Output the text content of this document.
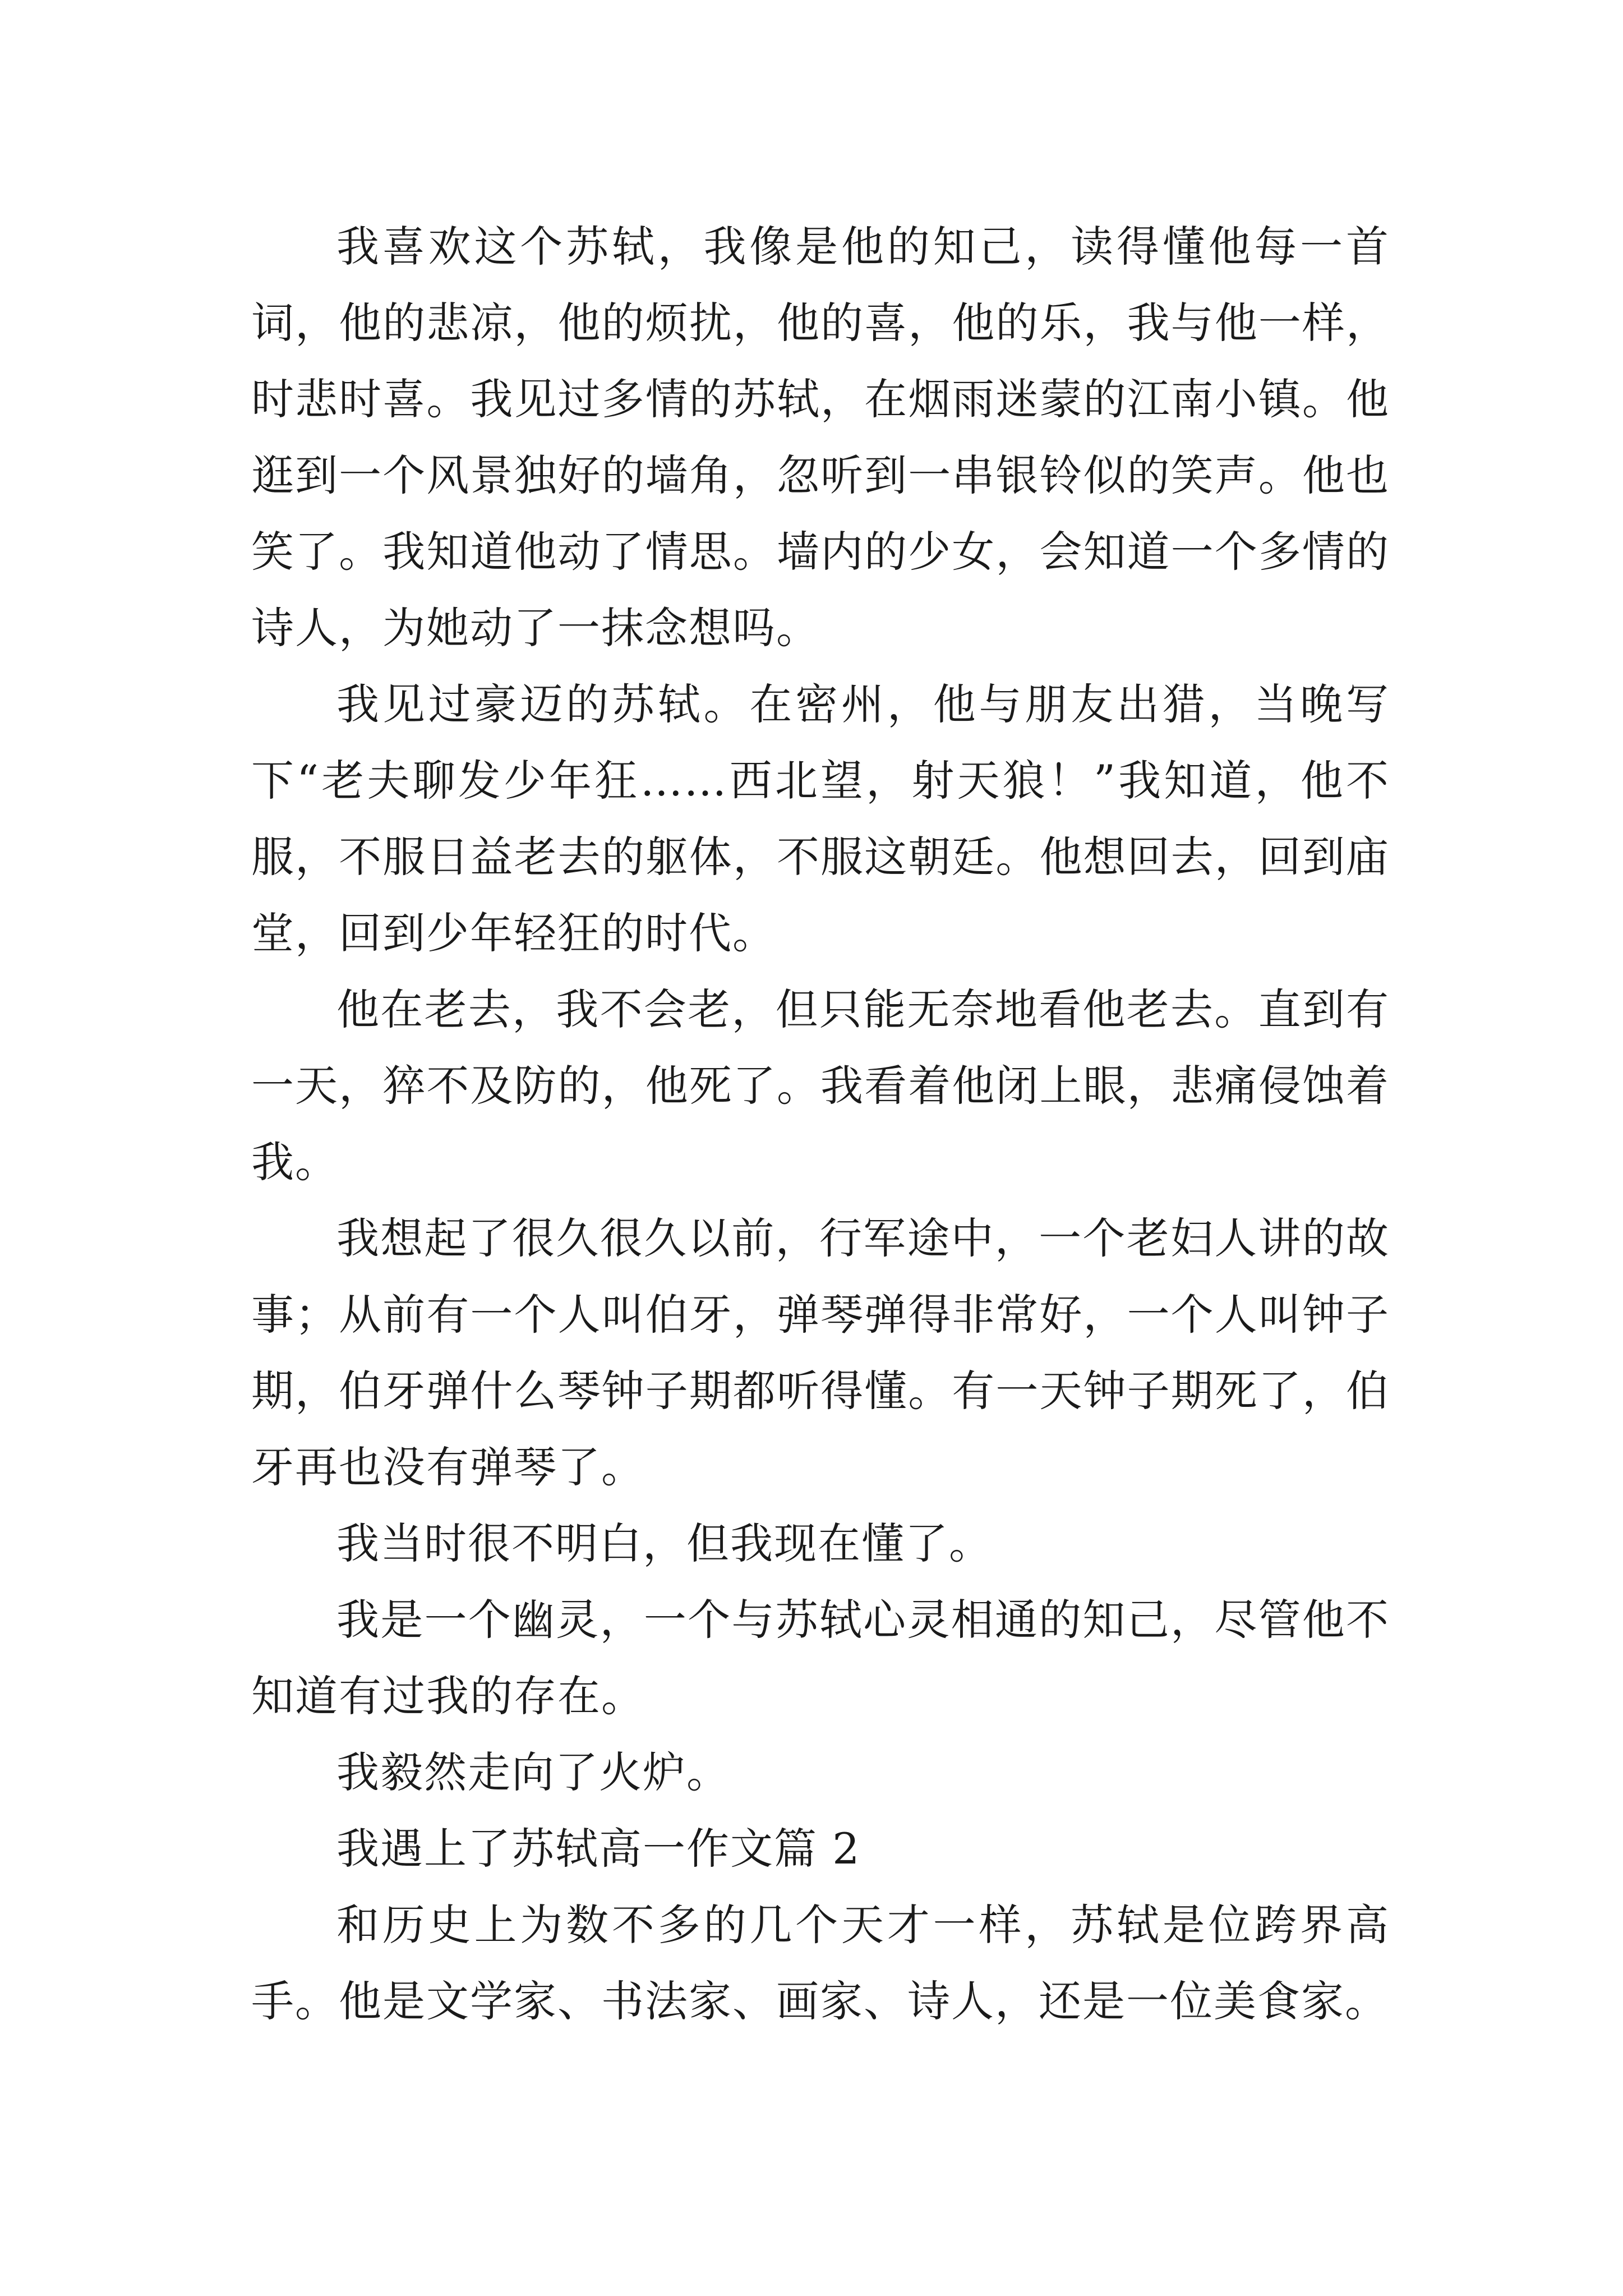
我喜欢这个苏轼，我像是他的知己，读得懂他每一首词，他的悲凉，他的烦扰，他的喜，他的乐，我与他一样，时悲时喜。我见过多情的苏轼，在烟雨迷蒙的江南小镇。他逛到一个风景独好的墙角，忽听到一串银铃似的笑声。他也笑了。我知道他动了情思。墙内的少女，会知道一个多情的诗人，为她动了一抹念想吗。

我见过豪迈的苏轼。在密州，他与朋友出猎，当晚写下“老夫聊发少年狂……西北望，射天狼！”我知道，他不服，不服日益老去的躯体，不服这朝廷。他想回去，回到庙堂，回到少年轻狂的时代。

他在老去，我不会老，但只能无奈地看他老去。直到有一天，猝不及防的，他死了。我看着他闭上眼，悲痛侵蚀着我。

我想起了很久很久以前，行军途中，一个老妇人讲的故事；从前有一个人叫伯牙，弹琴弹得非常好，一个人叫钟子期，伯牙弹什么琴钟子期都听得懂。有一天钟子期死了，伯牙再也没有弹琴了。

我当时很不明白，但我现在懂了。

我是一个幽灵，一个与苏轼心灵相通的知己，尽管他不知道有过我的存在。

我毅然走向了火炉。

我遇上了苏轼高一作文篇 2

和历史上为数不多的几个天才一样，苏轼是位跨界高手。他是文学家、书法家、画家、诗人，还是一位美食家。
